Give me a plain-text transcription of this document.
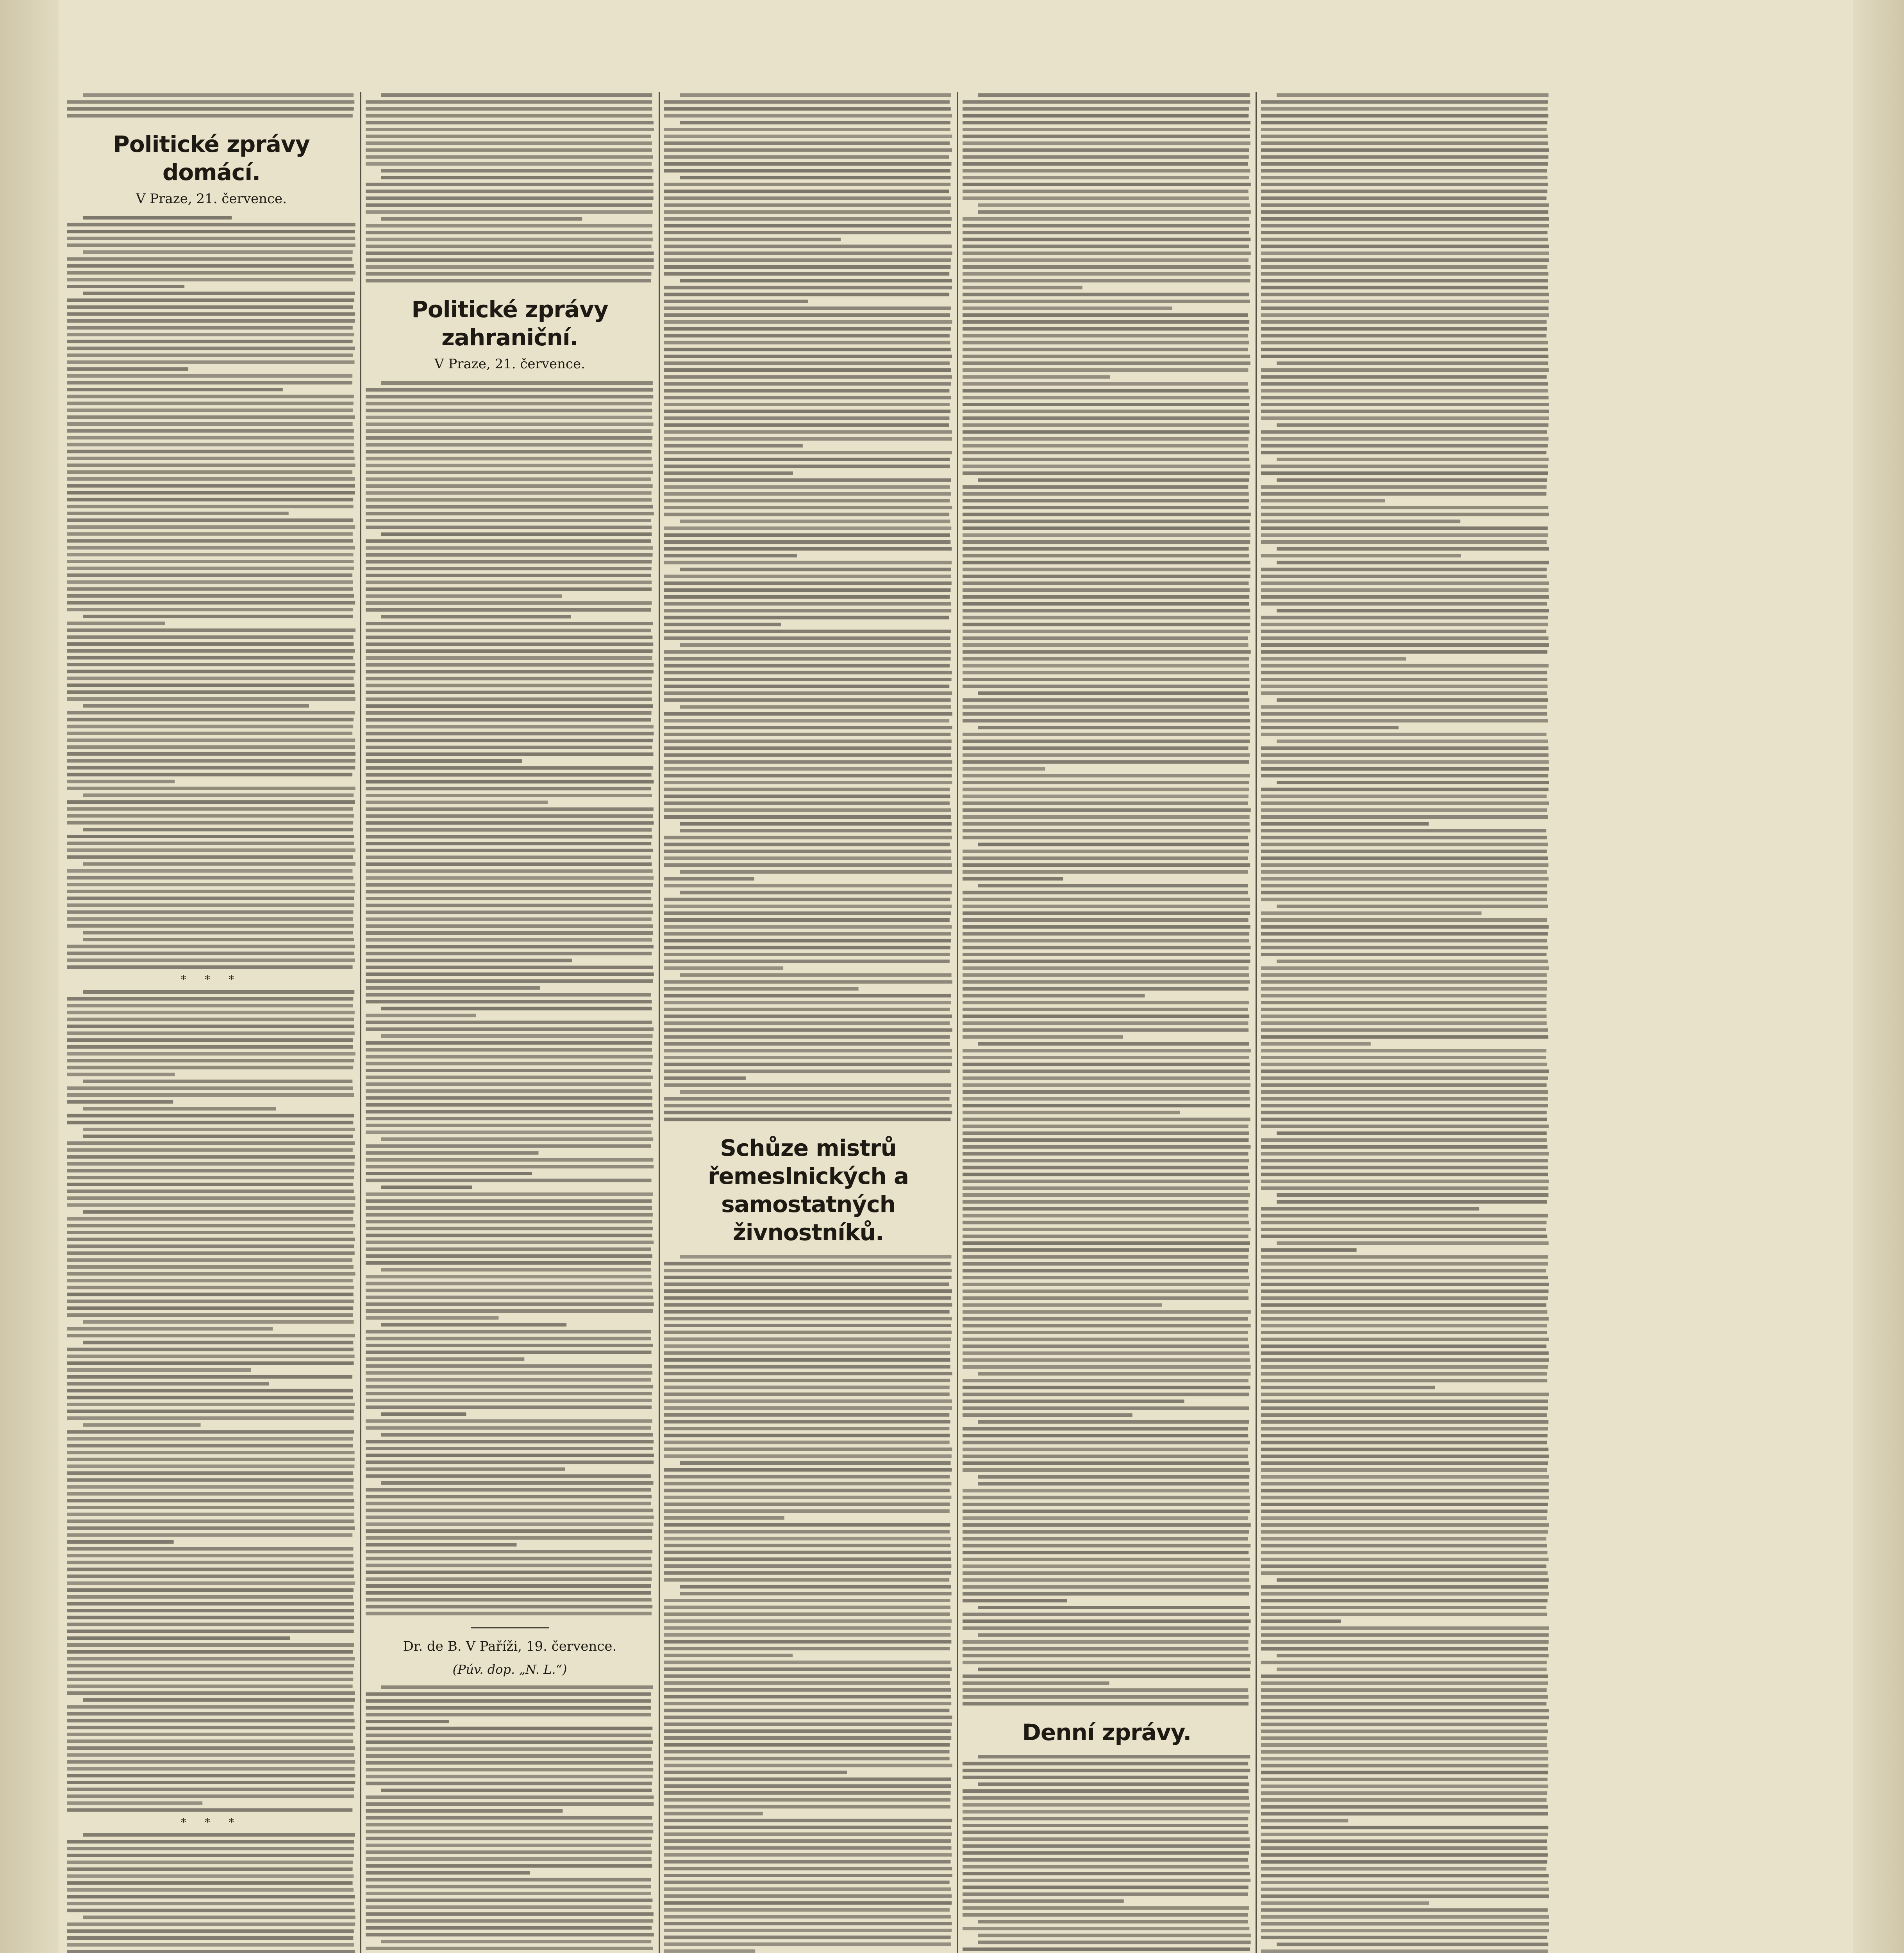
Politické zprávy domácí.
V Praze, 21. července.
* * *
* * *
Politické zprávy zahraniční.
V Praze, 21. července.
Dr. de B. V Paříži, 19. července.
(Púv. dop. „N. L.“)
Schůze mistrů řemeslnických a samostatných živnostníků.
Denní zprávy.
